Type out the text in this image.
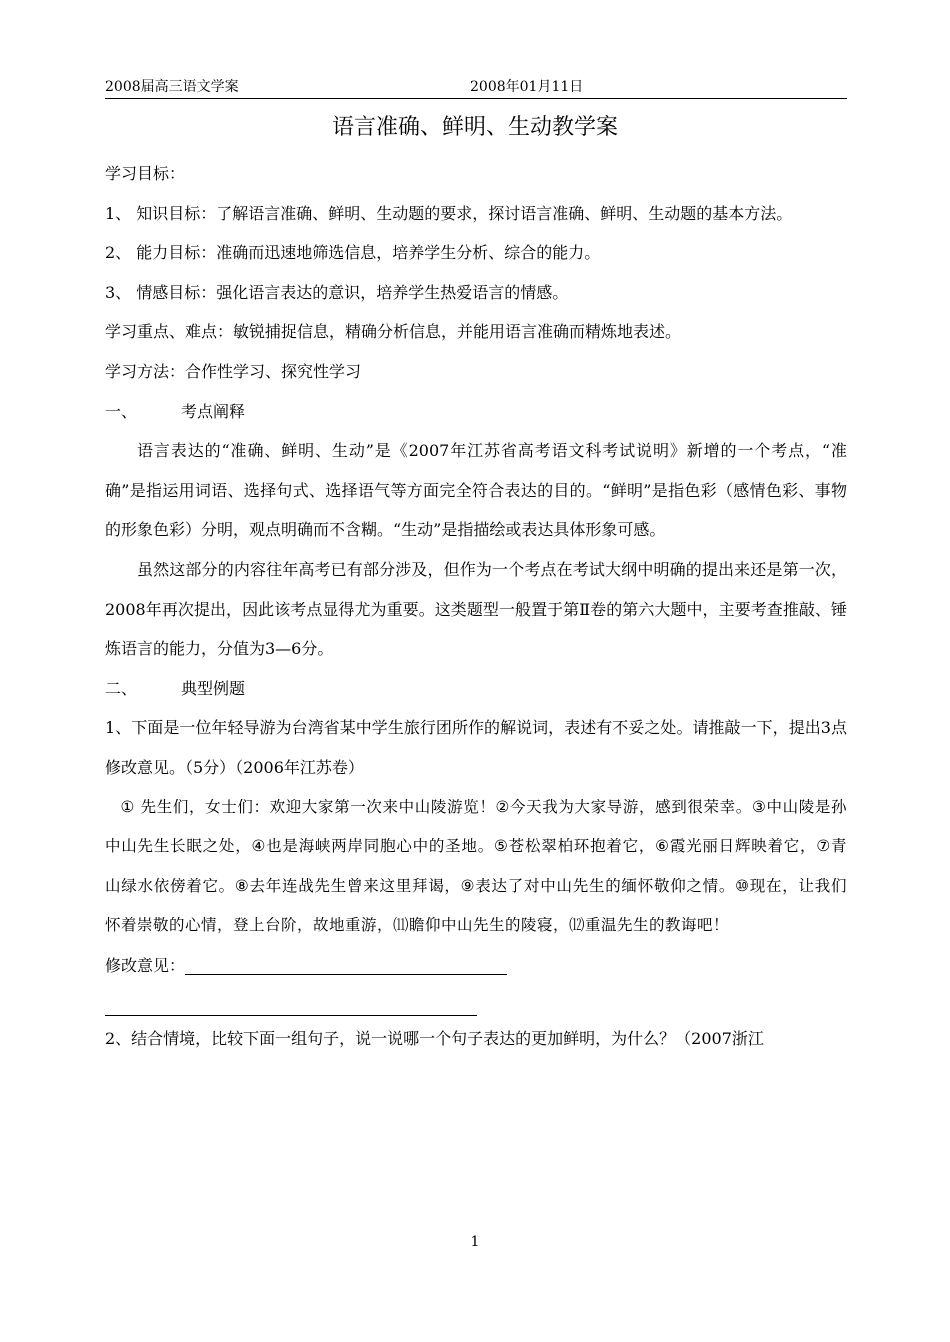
2008届高三语文学案	2008年01月11日
语言准确、鲜明、生动教学案

学习目标：

1、 知识目标：了解语言准确、鲜明、生动题的要求，探讨语言准确、鲜明、生动题的基本方法。

2、 能力目标：准确而迅速地筛选信息，培养学生分析、综合的能力。

3、 情感目标：强化语言表达的意识，培养学生热爱语言的情感。

学习重点、难点：敏锐捕捉信息，精确分析信息，并能用语言准确而精炼地表述。

学习方法：合作性学习、探究性学习

一、	考点阐释

语言表达的“准确、鲜明、生动”是《2007年江苏省高考语文科考试说明》新增的一个考点，“准确”是指运用词语、选择句式、选择语气等方面完全符合表达的目的。“鲜明”是指色彩（感情色彩、事物的形象色彩）分明，观点明确而不含糊。“生动”是指描绘或表达具体形象可感。

虽然这部分的内容往年高考已有部分涉及，但作为一个考点在考试大纲中明确的提出来还是第一次，2008年再次提出，因此该考点显得尤为重要。这类题型一般置于第Ⅱ卷的第六大题中，主要考查推敲、锤炼语言的能力，分值为3—6分。

二、	典型例题

1、下面是一位年轻导游为台湾省某中学生旅行团所作的解说词，表述有不妥之处。请推敲一下，提出3点修改意见。（5分）（2006年江苏卷）

① 先生们，女士们：欢迎大家第一次来中山陵游览！②今天我为大家导游，感到很荣幸。③中山陵是孙中山先生长眠之处，④也是海峡两岸同胞心中的圣地。⑤苍松翠柏环抱着它，⑥霞光丽日辉映着它，⑦青山绿水依傍着它。⑧去年连战先生曾来这里拜谒，⑨表达了对中山先生的缅怀敬仰之情。⑩现在，让我们怀着崇敬的心情，登上台阶，故地重游，⑾瞻仰中山先生的陵寝，⑿重温先生的教诲吧！

修改意见：

2、结合情境，比较下面一组句子，说一说哪一个句子表达的更加鲜明，为什么？（2007浙江

1
